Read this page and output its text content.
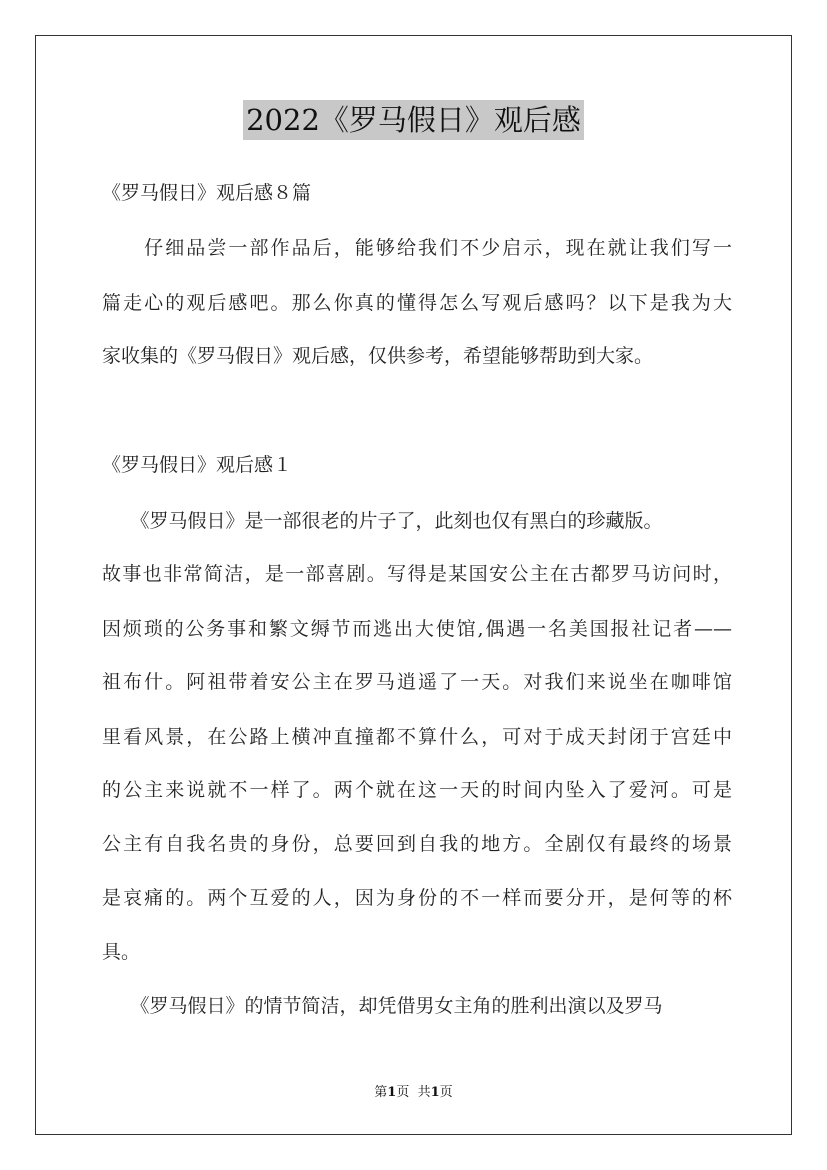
2022《罗马假日》观后感
《罗马假日》观后感８篇
　　仔细品尝一部作品后，能够给我们不少启示，现在就让我们写一
篇走心的观后感吧。那么你真的懂得怎么写观后感吗？以下是我为大
家收集的《罗马假日》观后感，仅供参考，希望能够帮助到大家。
《罗马假日》观后感１
　　《罗马假日》是一部很老的片子了，此刻也仅有黑白的珍藏版。
故事也非常简洁，是一部喜剧。写得是某国安公主在古都罗马访问时，
因烦琐的公务事和繁文缛节而逃出大使馆,偶遇一名美国报社记者——
祖布什。阿祖带着安公主在罗马逍遥了一天。对我们来说坐在咖啡馆
里看风景，在公路上横冲直撞都不算什么，可对于成天封闭于宫廷中
的公主来说就不一样了。两个就在这一天的时间内坠入了爱河。可是
公主有自我名贵的身份，总要回到自我的地方。全剧仅有最终的场景
是哀痛的。两个互爱的人，因为身份的不一样而要分开，是何等的杯
具。
　　《罗马假日》的情节简洁，却凭借男女主角的胜利出演以及罗马
第1页 共1页
